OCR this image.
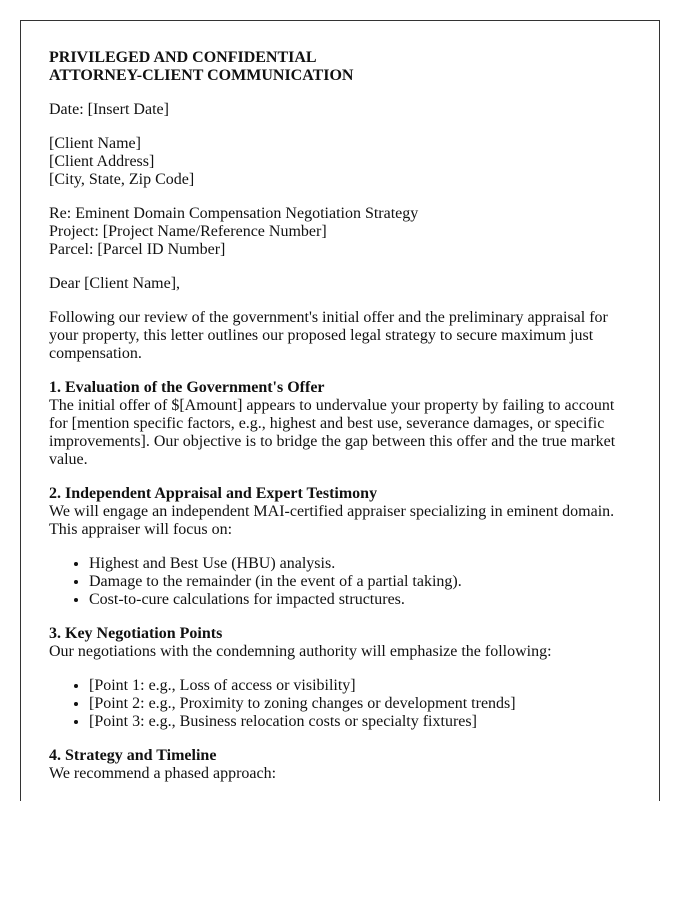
PRIVILEGED AND CONFIDENTIAL
ATTORNEY-CLIENT COMMUNICATION

Date: [Insert Date]

[Client Name]
[Client Address]
[City, State, Zip Code]
Re: Eminent Domain Compensation Negotiation Strategy
Project: [Project Name/Reference Number]
Parcel: [Parcel ID Number]

Dear [Client Name],

Following our review of the government's initial offer and the preliminary appraisal for your property, this letter outlines our proposed legal strategy to secure maximum just compensation.

1. Evaluation of the Government's Offer

The initial offer of $[Amount] appears to undervalue your property by failing to account for [mention specific factors, e.g., highest and best use, severance damages, or specific improvements]. Our objective is to bridge the gap between this offer and the true market value.

2. Independent Appraisal and Expert Testimony
We will engage an independent MAI-certified appraiser specializing in eminent domain. This appraiser will focus on:
• Highest and Best Use (HBU) analysis.
• Damage to the remainder (in the event of a partial taking).
• Cost-to-cure calculations for impacted structures.
3. Key Negotiation Points
Our negotiations with the condemning authority will emphasize the following:
• [Point 1: e.g., Loss of access or visibility]
• [Point 2: e.g., Proximity to zoning changes or development trends]
• [Point 3: e.g., Business relocation costs or specialty fixtures]
4. Strategy and Timeline
We recommend a phased approach:
